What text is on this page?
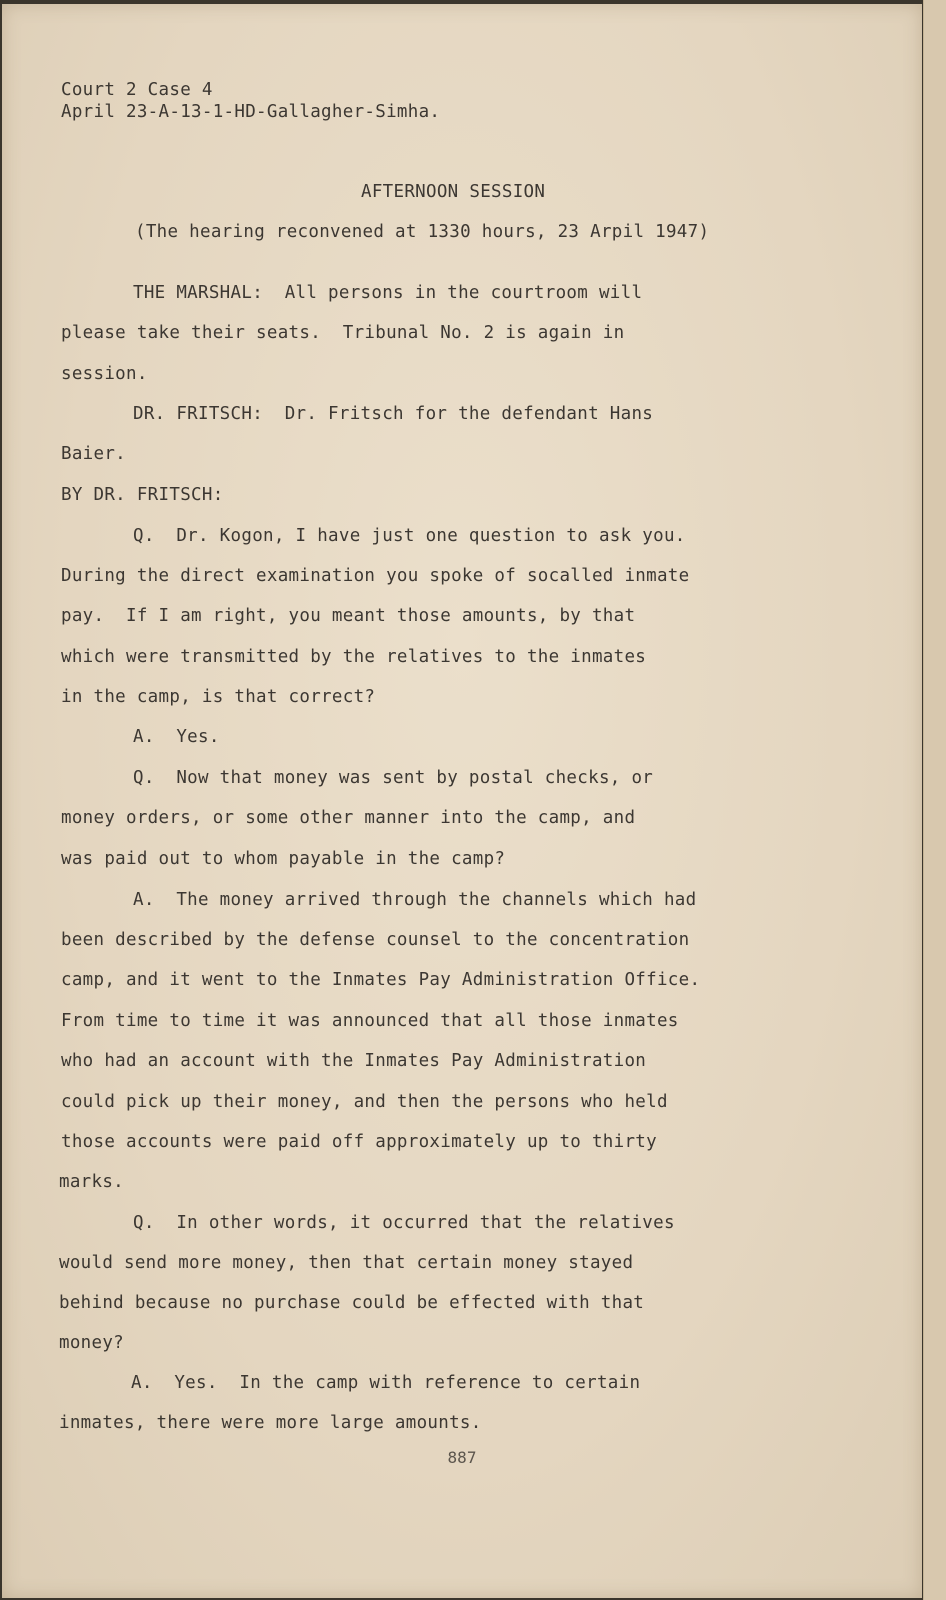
Court 2 Case 4
April 23-A-13-1-HD-Gallagher-Simha.
AFTERNOON SESSION
(The hearing reconvened at 1330 hours, 23 Arpil 1947)
THE MARSHAL:  All persons in the courtroom will
please take their seats.  Tribunal No. 2 is again in
session.
DR. FRITSCH:  Dr. Fritsch for the defendant Hans
Baier.
BY DR. FRITSCH:
Q.  Dr. Kogon, I have just one question to ask you.
During the direct examination you spoke of socalled inmate
pay.  If I am right, you meant those amounts, by that
which were transmitted by the relatives to the inmates
in the camp, is that correct?
A.  Yes.
Q.  Now that money was sent by postal checks, or
money orders, or some other manner into the camp, and
was paid out to whom payable in the camp?
A.  The money arrived through the channels which had
been described by the defense counsel to the concentration
camp, and it went to the Inmates Pay Administration Office.
From time to time it was announced that all those inmates
who had an account with the Inmates Pay Administration
could pick up their money, and then the persons who held
those accounts were paid off approximately up to thirty
marks.
Q.  In other words, it occurred that the relatives
would send more money, then that certain money stayed
behind because no purchase could be effected with that
money?
A.  Yes.  In the camp with reference to certain
inmates, there were more large amounts.
887
